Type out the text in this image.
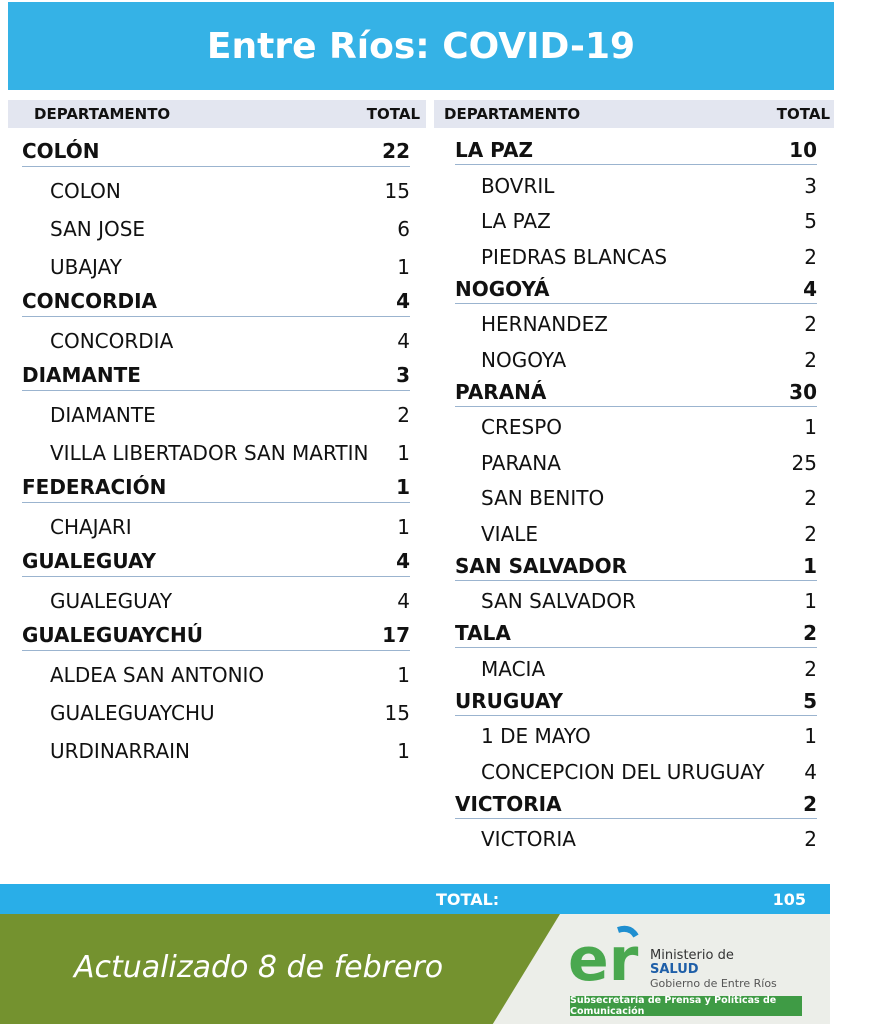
Entre Ríos: COVID-19
DEPARTAMENTO	TOTAL DEPARTAMENTO	TOTAL
COLÓN	22
COLON	15
SAN JOSE	6
UBAJAY	1
CONCORDIA	4
CONCORDIA	4
DIAMANTE	3
DIAMANTE	2
VILLA LIBERTADOR SAN MARTIN 1
FEDERACIÓN	1
CHAJARI	1
GUALEGUAY	4
GUALEGUAY	4
GUALEGUAYCHÚ	17
ALDEA SAN ANTONIO	1
GUALEGUAYCHU	15
URDINARRAIN	1
LA PAZ	10
BOVRIL	3
LA PAZ	5
PIEDRAS BLANCAS	2
NOGOYÁ	4
HERNANDEZ	2
NOGOYA	2
PARANÁ	30
CRESPO	1
PARANA	25
SAN BENITO	2
VIALE	2
SAN SALVADOR	1
SAN SALVADOR	1
TALA	2
MACIA	2
URUGUAY	5
1 DE MAYO	1
CONCEPCION DEL URUGUAY 4
VICTORIA	2
VICTORIA	2
TOTAL:	105
Actualizado 8 de febrero er Ministerio de
SALUD
Gobierno de Entre Ríos
Subsecretaría de Prensa y Políticas de Comunicación
